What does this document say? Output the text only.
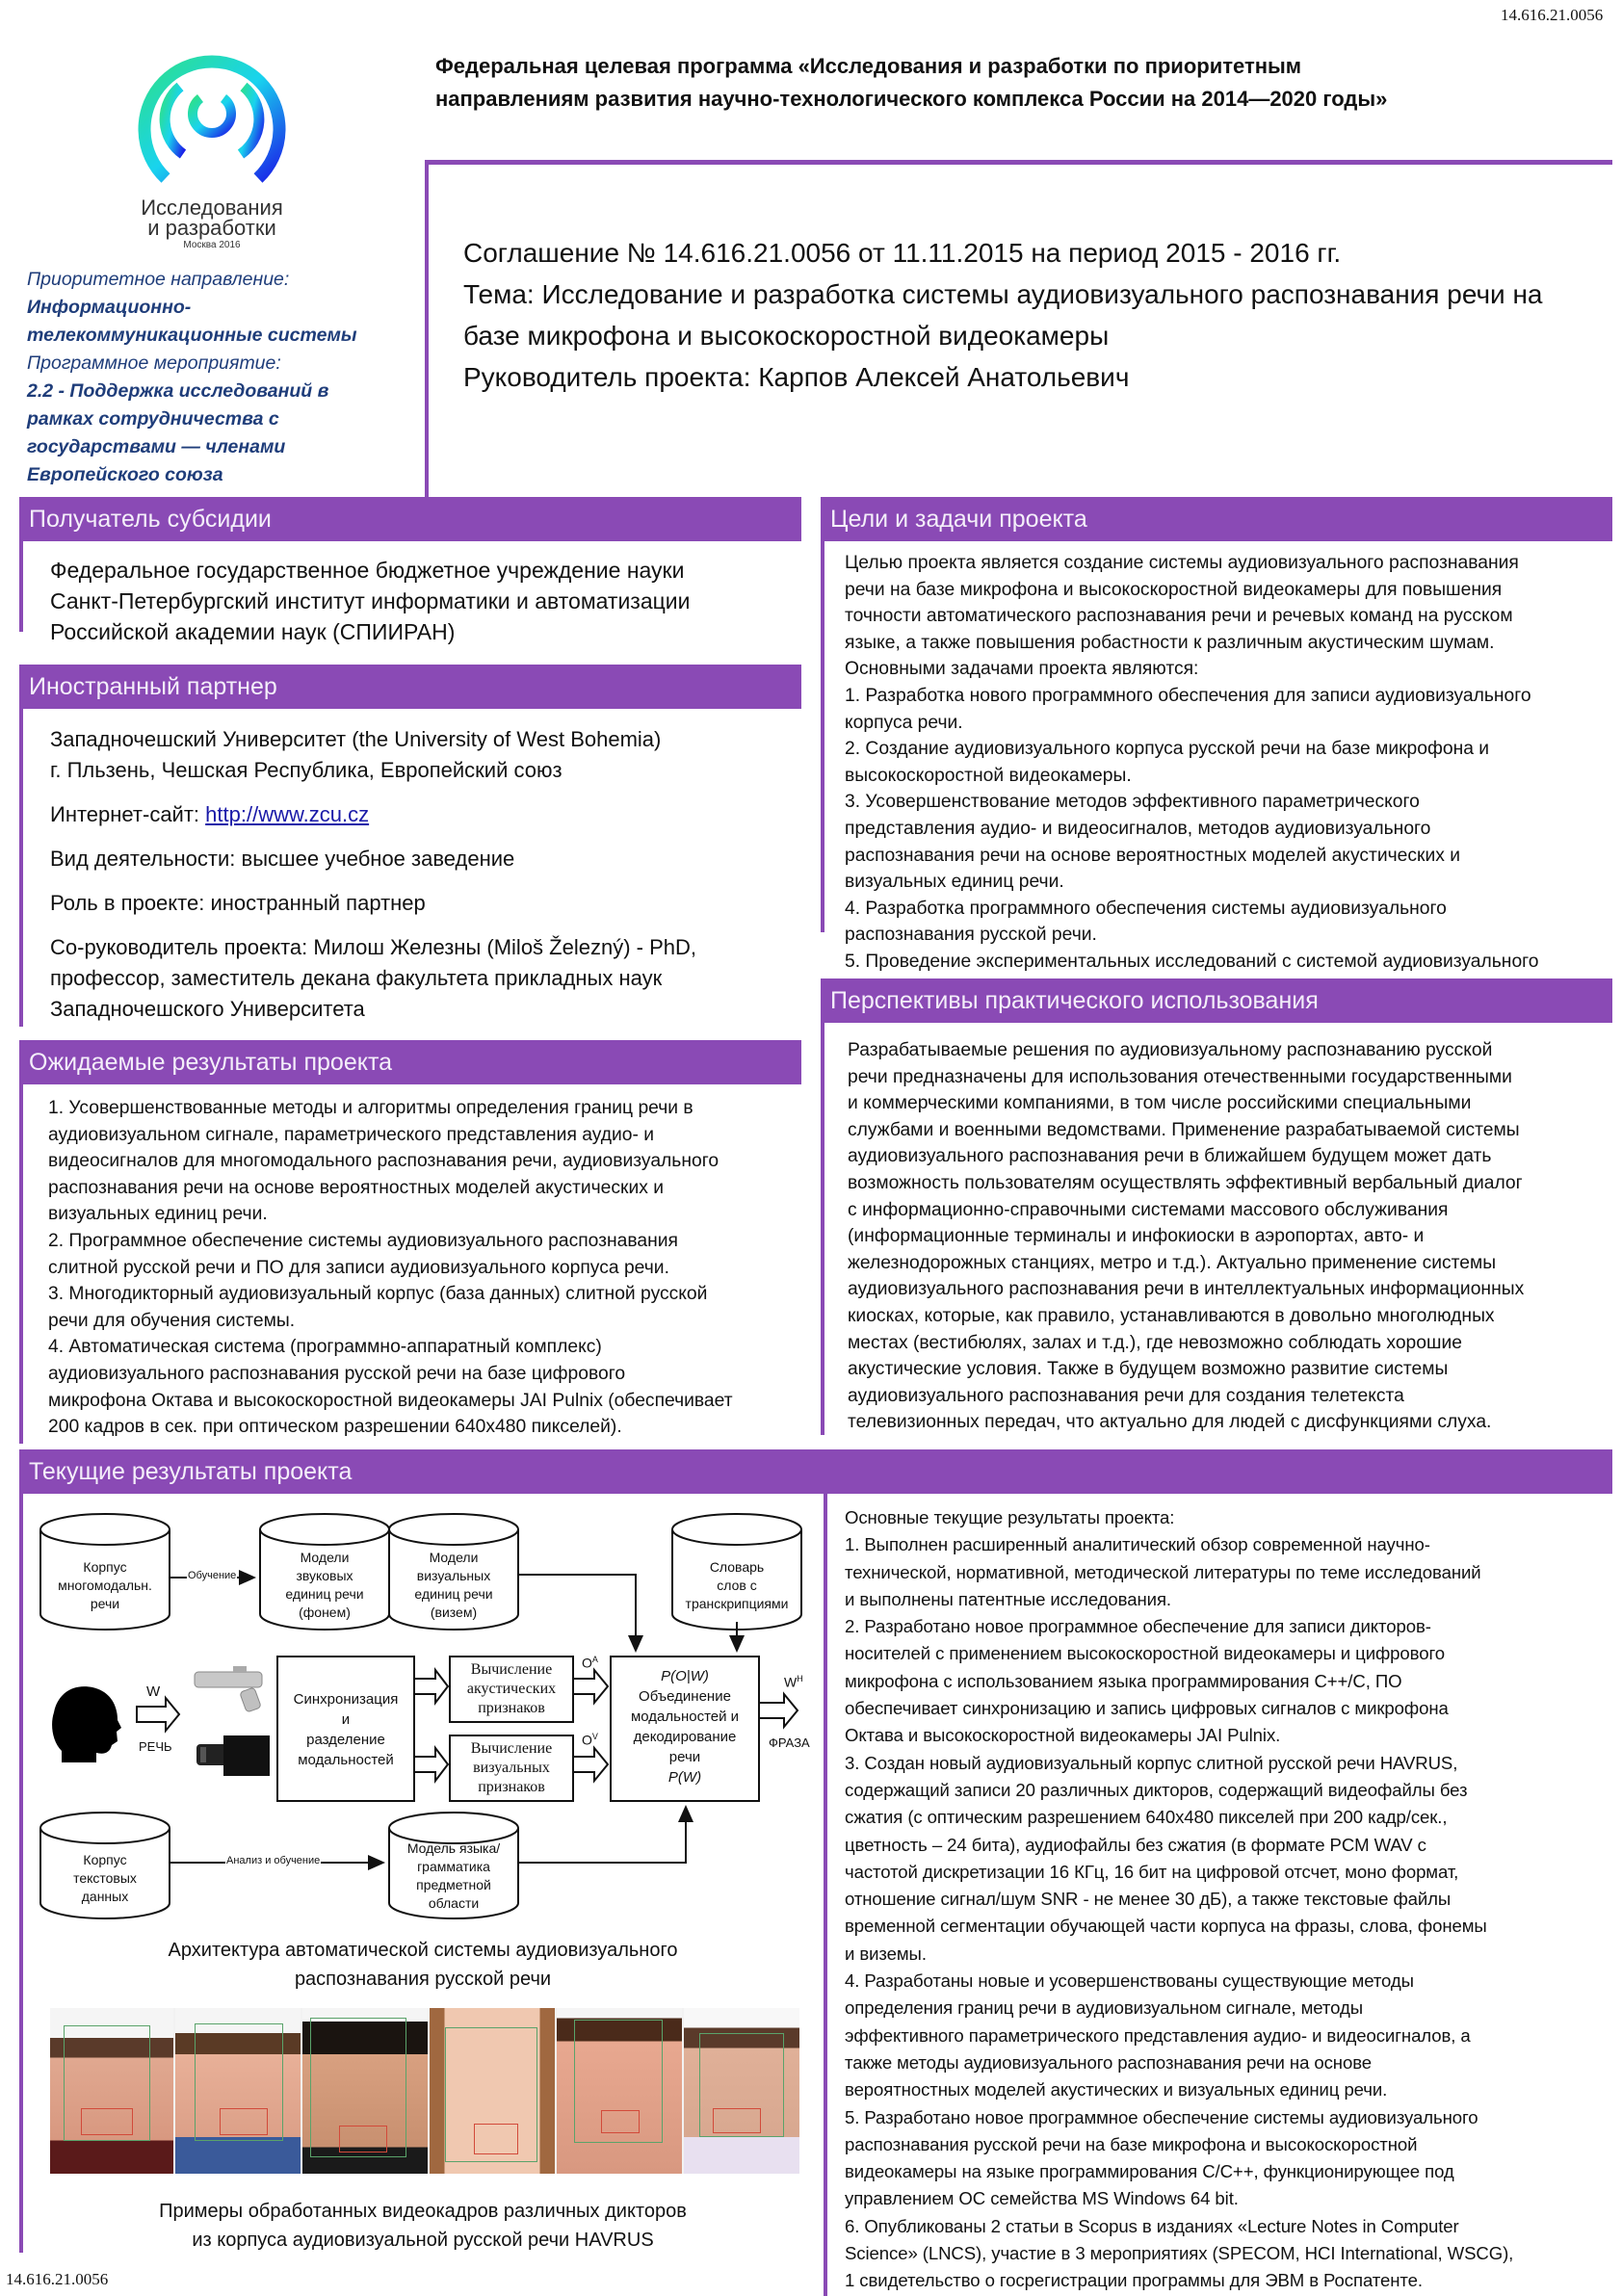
14.616.21.0056
Исследования
и разработки
Москва 2016
Федеральная целевая программа «Исследования и разработки по приоритетным
направлениям развития научно-технологического комплекса России на 2014—2020 годы»
Соглашение № 14.616.21.0056 от 11.11.2015 на период 2015 - 2016 гг.
Тема: Исследование и разработка системы аудиовизуального распознавания речи на
базе микрофона и высокоскоростной видеокамеры
Руководитель проекта: Карпов Алексей Анатольевич
Приоритетное направление:
Информационно-
телекоммуникационные системы
Программное мероприятие:
2.2 - Поддержка исследований в
рамках сотрудничества с
государствами — членами
Европейского союза
Получатель субсидии
Федеральное государственное бюджетное учреждение науки
Санкт-Петербургский институт информатики и автоматизации
Российской академии наук (СПИИРАН)
Иностранный партнер
Западночешский Университет (the University of West Bohemia)
г. Пльзень, Чешская Республика, Европейский союз
Интернет-сайт: http://www.zcu.cz
Вид деятельности: высшее учебное заведение
Роль в проекте: иностранный партнер
Со-руководитель проекта: Милош Железны (Miloš Železný) - PhD,
профессор, заместитель декана факультета прикладных наук
Западночешского Университета
Цели и задачи проекта
Целью проекта является создание системы аудиовизуального распознавания
речи на базе микрофона и высокоскоростной видеокамеры для повышения
точности автоматического распознавания речи и речевых команд на русском
языке, а также повышения робастности к различным акустическим шумам.
Основными задачами проекта являются:
1. Разработка нового программного обеспечения для записи аудиовизуального
корпуса речи.
2. Создание аудиовизуального корпуса русской речи на базе микрофона и
высокоскоростной видеокамеры.
3. Усовершенствование методов эффективного параметрического
представления аудио- и видеосигналов, методов аудиовизуального
распознавания речи на основе вероятностных моделей акустических и
визуальных единиц речи.
4. Разработка программного обеспечения системы аудиовизуального
распознавания русской речи.
5. Проведение экспериментальных исследований с системой аудиовизуального
Перспективы практического использования
Разрабатываемые решения по аудиовизуальному распознаванию русской
речи предназначены для использования отечественными государственными
и коммерческими компаниями, в том числе российскими специальными
службами и военными ведомствами. Применение разрабатываемой системы
аудиовизуального распознавания речи в ближайшем будущем может дать
возможность пользователям осуществлять эффективный вербальный диалог
с информационно-справочными системами массового обслуживания
(информационные терминалы и инфокиоски в аэропортах, авто- и
железнодорожных станциях, метро и т.д.). Актуально применение системы
аудиовизуального распознавания речи в интеллектуальных информационных
киосках, которые, как правило, устанавливаются в довольно многолюдных
местах (вестибюлях, залах и т.д.), где невозможно соблюдать хорошие
акустические условия. Также в будущем возможно развитие системы
аудиовизуального распознавания речи для создания телетекста
телевизионных передач, что актуально для людей с дисфункциями слуха.
Ожидаемые результаты проекта
1. Усовершенствованные методы и алгоритмы определения границ речи в
аудиовизуальном сигнале, параметрического представления аудио- и
видеосигналов для многомодального распознавания речи, аудиовизуального
распознавания речи на основе вероятностных моделей акустических и
визуальных единиц речи.
2. Программное обеспечение системы аудиовизуального распознавания
слитной русской речи и ПО для записи аудиовизуального корпуса речи.
3. Многодикторный аудиовизуальный корпус (база данных) слитной русской
речи для обучения системы.
4. Автоматическая система (программно-аппаратный комплекс)
аудиовизуального распознавания русской речи на базе цифрового
микрофона Октава и высокоскоростной видеокамеры JAI Pulnix (обеспечивает
200 кадров в сек. при оптическом разрешении 640x480 пикселей).
Текущие результаты проекта
Основные текущие результаты проекта:
1. Выполнен расширенный аналитический обзор современной научно-
технической, нормативной, методической литературы по теме исследований
и выполнены патентные исследования.
2. Разработано новое программное обеспечение для записи дикторов-
носителей с применением высокоскоростной видеокамеры и цифрового
микрофона с использованием языка программирования С++/С, ПО
обеспечивает синхронизацию и запись цифровых сигналов с микрофона
Октава и высокоскоростной видеокамеры JAI Pulnix.
3. Создан новый аудиовизуальный корпус слитной русской речи HAVRUS,
содержащий записи 20 различных дикторов, содержащий видеофайлы без
сжатия (с оптическим разрешением 640x480 пикселей при 200 кадр/сек.,
цветность – 24 бита), аудиофайлы без сжатия (в формате PCM WAV с
частотой дискретизации 16 КГц, 16 бит на цифровой отсчет, моно формат,
отношение сигнал/шум SNR - не менее 30 дБ), а также текстовые файлы
временной сегментации обучающей части корпуса на фразы, слова, фонемы
и виземы.
4. Разработаны новые и усовершенствованы существующие методы
определения границ речи в аудиовизуальном сигнале, методы
эффективного параметрического представления аудио- и видеосигналов, а
также методы аудиовизуального распознавания речи на основе
вероятностных моделей акустических и визуальных единиц речи.
5. Разработано новое программное обеспечение системы аудиовизуального
распознавания русской речи на базе микрофона и высокоскоростной
видеокамеры на языке программирования С/С++, функционирующее под
управлением ОС семейства MS Windows 64 bit.
6. Опубликованы 2 статьи в Scopus в изданиях «Lecture Notes in Computer
Science» (LNCS), участие в 3 мероприятиях (SPECOM, HCI International, WSCG),
1 свидетельство о госрегистрации программы для ЭВМ в Роспатенте.
Корпус
многомодальн.
речи
Обучение
Модели
звуковых
единиц речи
(фонем)
Модели
визуальных
единиц речи
(визем)
Словарь
слов с
транскрипциями
W
РЕЧЬ
Синхронизация
и
разделение
модальностей
Вычисление
акустических
признаков
Вычисление
визуальных
признаков
$O^A$
$O^V$
P(O|W)
Объединение
модальностей и
декодирование
речи
P(W)
$W^H$
ФРАЗА
Корпус
текстовых
данных
Анализ и обучение
Модель языка/
грамматика
предметной
области
Архитектура автоматической системы аудиовизуального
распознавания русской речи
Примеры обработанных видеокадров различных дикторов
из корпуса аудиовизуальной русской речи HAVRUS
14.616.21.0056
